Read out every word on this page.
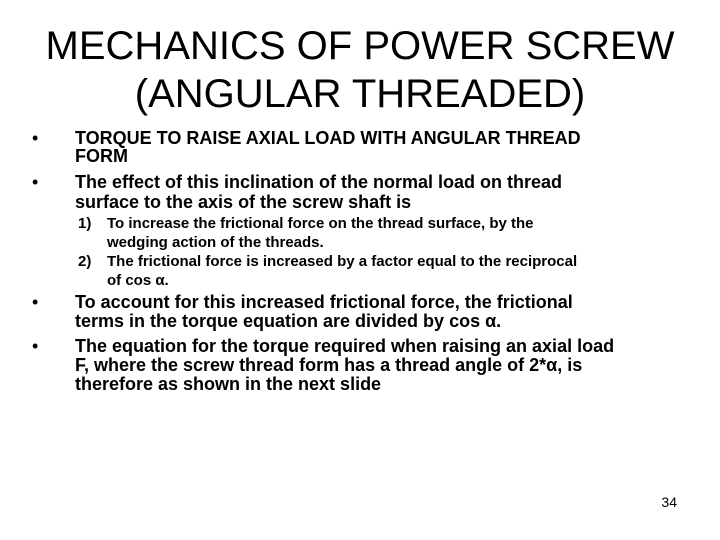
MECHANICS OF POWER SCREW
(ANGULAR THREADED)
• TORQUE TO RAISE AXIAL LOAD WITH ANGULAR THREAD
FORM
• The effect of this inclination of the normal load on thread
surface to the axis of the screw shaft is
1) To increase the frictional force on the thread surface, by the
wedging action of the threads.
2) The frictional force is increased by a factor equal to the reciprocal
of cos α.
• To account for this increased frictional force, the frictional
terms in the torque equation are divided by cos α.
• The equation for the torque required when raising an axial load
F, where the screw thread form has a thread angle of 2*α, is
therefore as shown in the next slide
34
